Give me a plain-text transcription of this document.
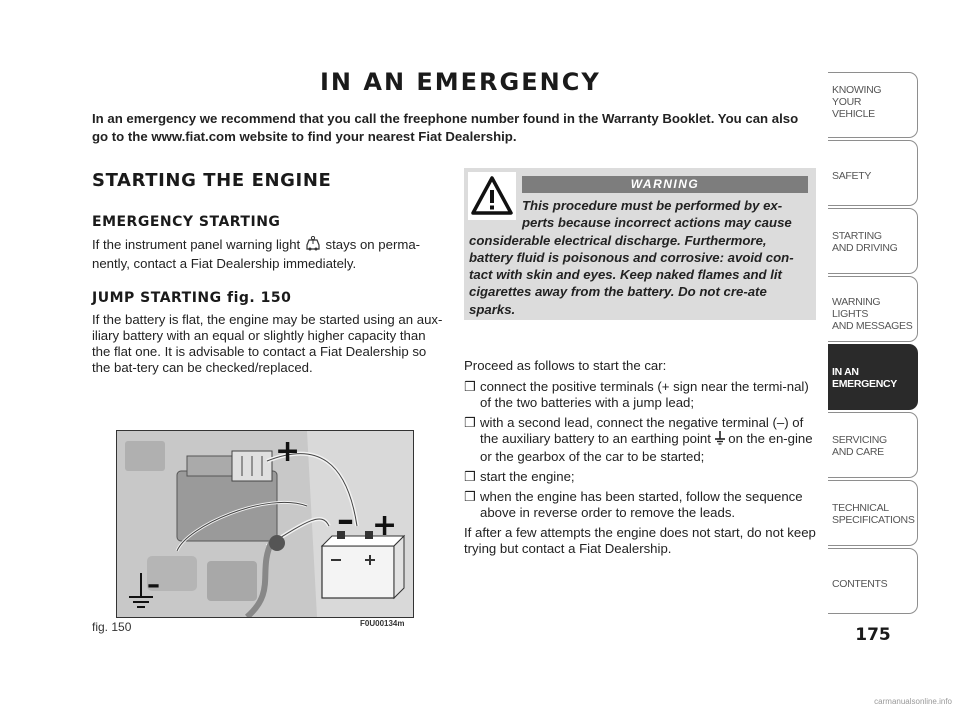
IN AN EMERGENCY
In an emergency we recommend that you call the freephone number found in the Warranty Booklet. You can also go to the www.fiat.com website to find your nearest Fiat Dealership.
STARTING THE ENGINE
EMERGENCY STARTING
If the instrument panel warning light stays on perma-nently, contact a Fiat Dealership immediately.
JUMP STARTING fig. 150
If the battery is flat, the engine may be started using an aux-iliary battery with an equal or slightly higher capacity than the flat one. It is advisable to contact a Fiat Dealership so the bat-tery can be checked/replaced.
+
– +
–
fig. 150	F0U00134m
WARNING
This procedure must be performed by ex-perts because incorrect actions may cause
considerable electrical discharge. Furthermore, battery fluid is poisonous and corrosive: avoid con-tact with skin and eyes. Keep naked flames and lit cigarettes away from the battery. Do not cre-ate sparks.
Proceed as follows to start the car:
❒ connect the positive terminals (+ sign near the termi-nal) of the two batteries with a jump lead;
❒ with a second lead, connect the negative terminal (–) of the auxiliary battery to an earthing point on the en-gine or the gearbox of the car to be started;
❒ start the engine;
❒ when the engine has been started, follow the sequence above in reverse order to remove the leads.
If after a few attempts the engine does not start, do not keep trying but contact a Fiat Dealership.
KNOWING
YOUR
VEHICLE
SAFETY
STARTING
AND DRIVING
WARNING LIGHTS
AND MESSAGES
IN AN
EMERGENCY
SERVICING
AND CARE
TECHNICAL
SPECIFICATIONS
CONTENTS
175
carmanualsonline.info
